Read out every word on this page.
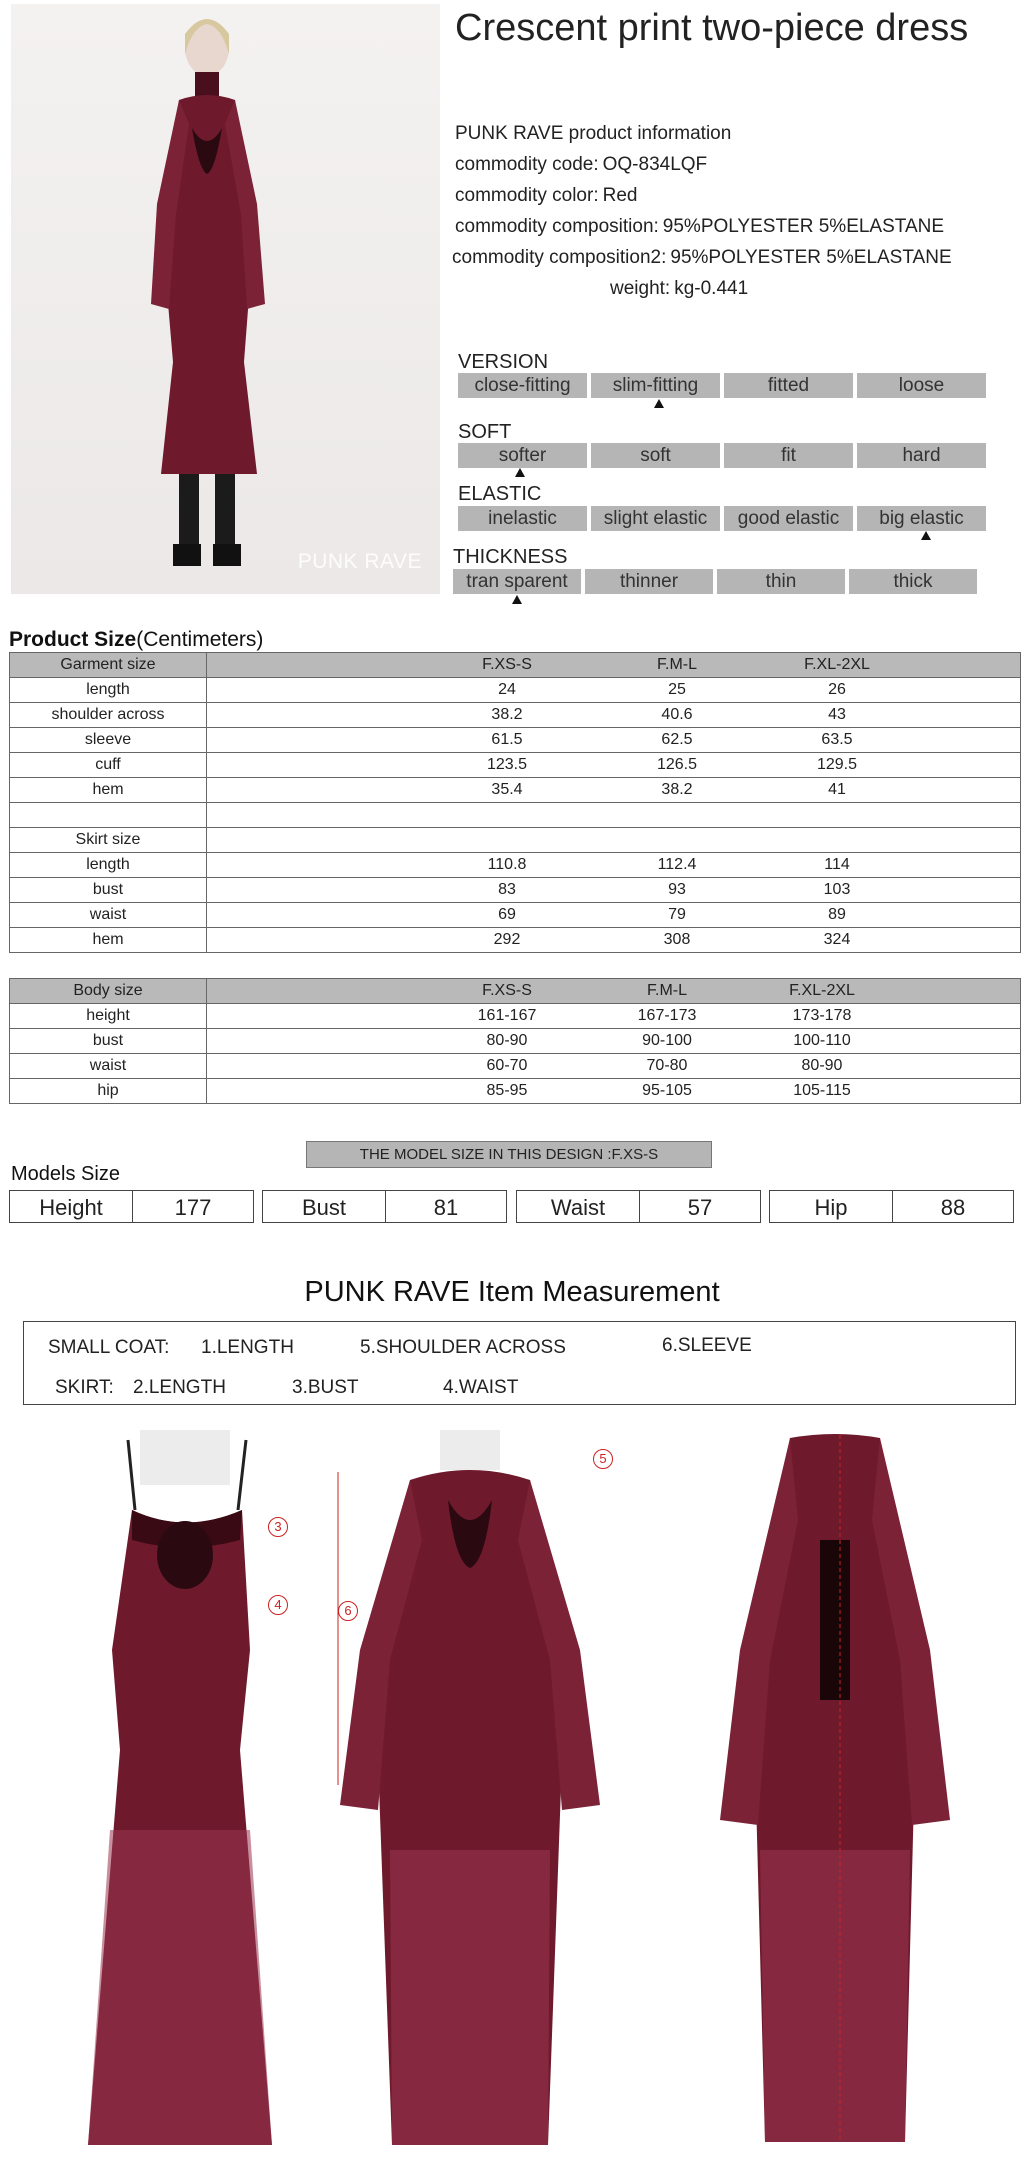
PUNK RAVE
Crescent print two-piece dress
PUNK RAVE product information
commodity code: OQ-834LQF
commodity color: Red
commodity composition: 95%POLYESTER 5%ELASTANE
commodity composition2: 95%POLYESTER 5%ELASTANE
weight: kg-0.441
VERSION
close-fitting	slim-fitting	fitted	loose
SOFT
softer	soft	fit	hard
ELASTIC
inelastic	slight elastic	good elastic	big elastic
THICKNESS
tran sparent	thinner	thin	thick
Product Size(Centimeters)
Garment size	F.XS-S F.M-L F.XL-2XL

length	24 25 26

shoulder across	38.2 40.6 43

sleeve	61.5 62.5 63.5

cuff	123.5 126.5 129.5

hem	35.4 38.2 41

Skirt size	
length	110.8 112.4 114

bust	83 93 103

waist	69 79 89

hem	292 308 324
Body size	F.XS-S F.M-L F.XL-2XL

height	161-167 167-173 173-178

bust	80-90 90-100 100-110

waist	60-70 70-80 80-90

hip	85-95 95-105 105-115
THE MODEL SIZE IN THIS DESIGN :F.XS-S
Models Size
Height	177	Bust	81	Waist	57	Hip	88
PUNK RAVE Item Measurement
SMALL COAT: 1.LENGTH	5.SHOULDER ACROSS	6.SLEEVE
SKIRT: 2.LENGTH	3.BUST	4.WAIST
3
4
5
6
